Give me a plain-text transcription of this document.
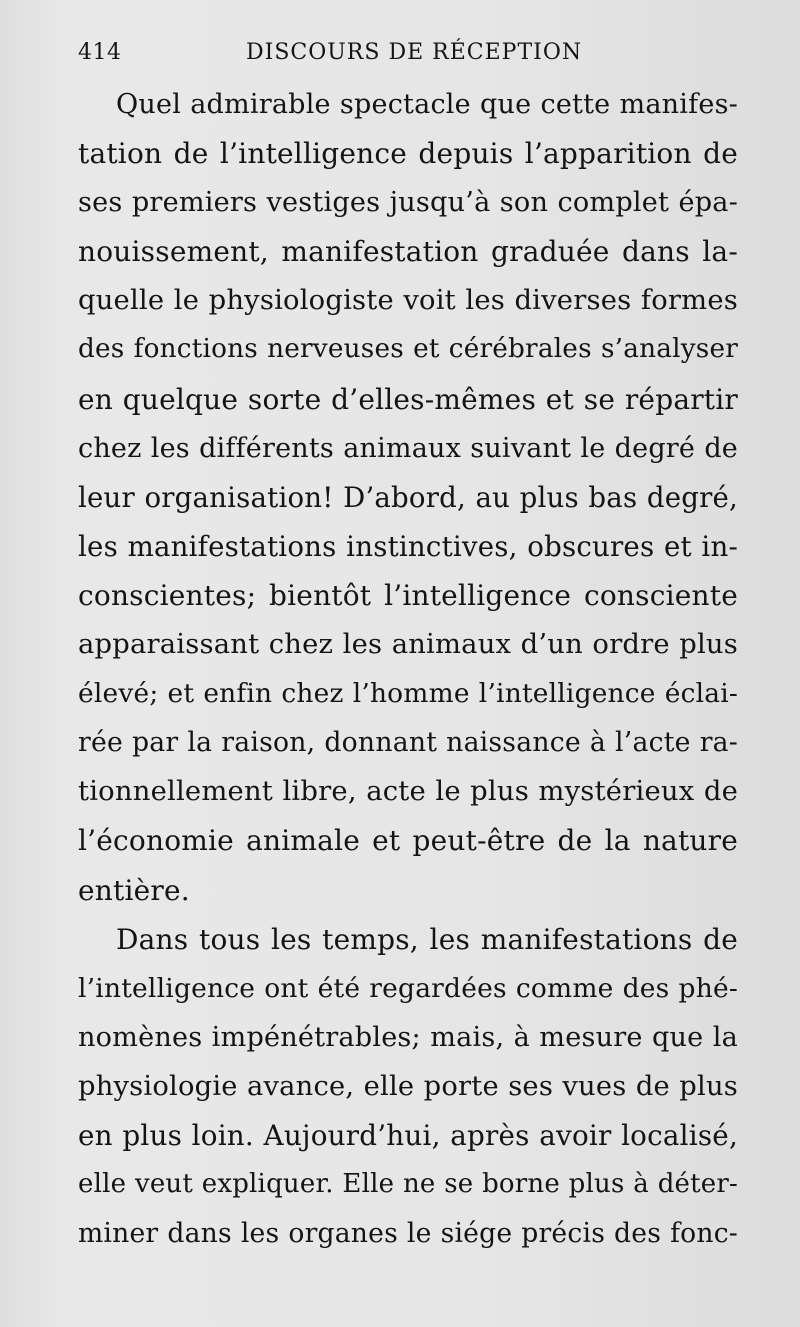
414	DISCOURS DE RÉCEPTION
Quel admirable spectacle que cette manifes-
tation de l’intelligence depuis l’apparition de
ses premiers vestiges jusqu’à son complet épa-
nouissement, manifestation graduée dans la-
quelle le physiologiste voit les diverses formes
des fonctions nerveuses et cérébrales s’analyser
en quelque sorte d’elles-mêmes et se répartir
chez les différents animaux suivant le degré de
leur organisation! D’abord, au plus bas degré,
les manifestations instinctives, obscures et in-
conscientes; bientôt l’intelligence consciente
apparaissant chez les animaux d’un ordre plus
élevé; et enfin chez l’homme l’intelligence éclai-
rée par la raison, donnant naissance à l’acte ra-
tionnellement libre, acte le plus mystérieux de
l’économie animale et peut-être de la nature
entière.
Dans tous les temps, les manifestations de
l’intelligence ont été regardées comme des phé-
nomènes impénétrables; mais, à mesure que la
physiologie avance, elle porte ses vues de plus
en plus loin. Aujourd’hui, après avoir localisé,
elle veut expliquer. Elle ne se borne plus à déter-
miner dans les organes le siége précis des fonc-
